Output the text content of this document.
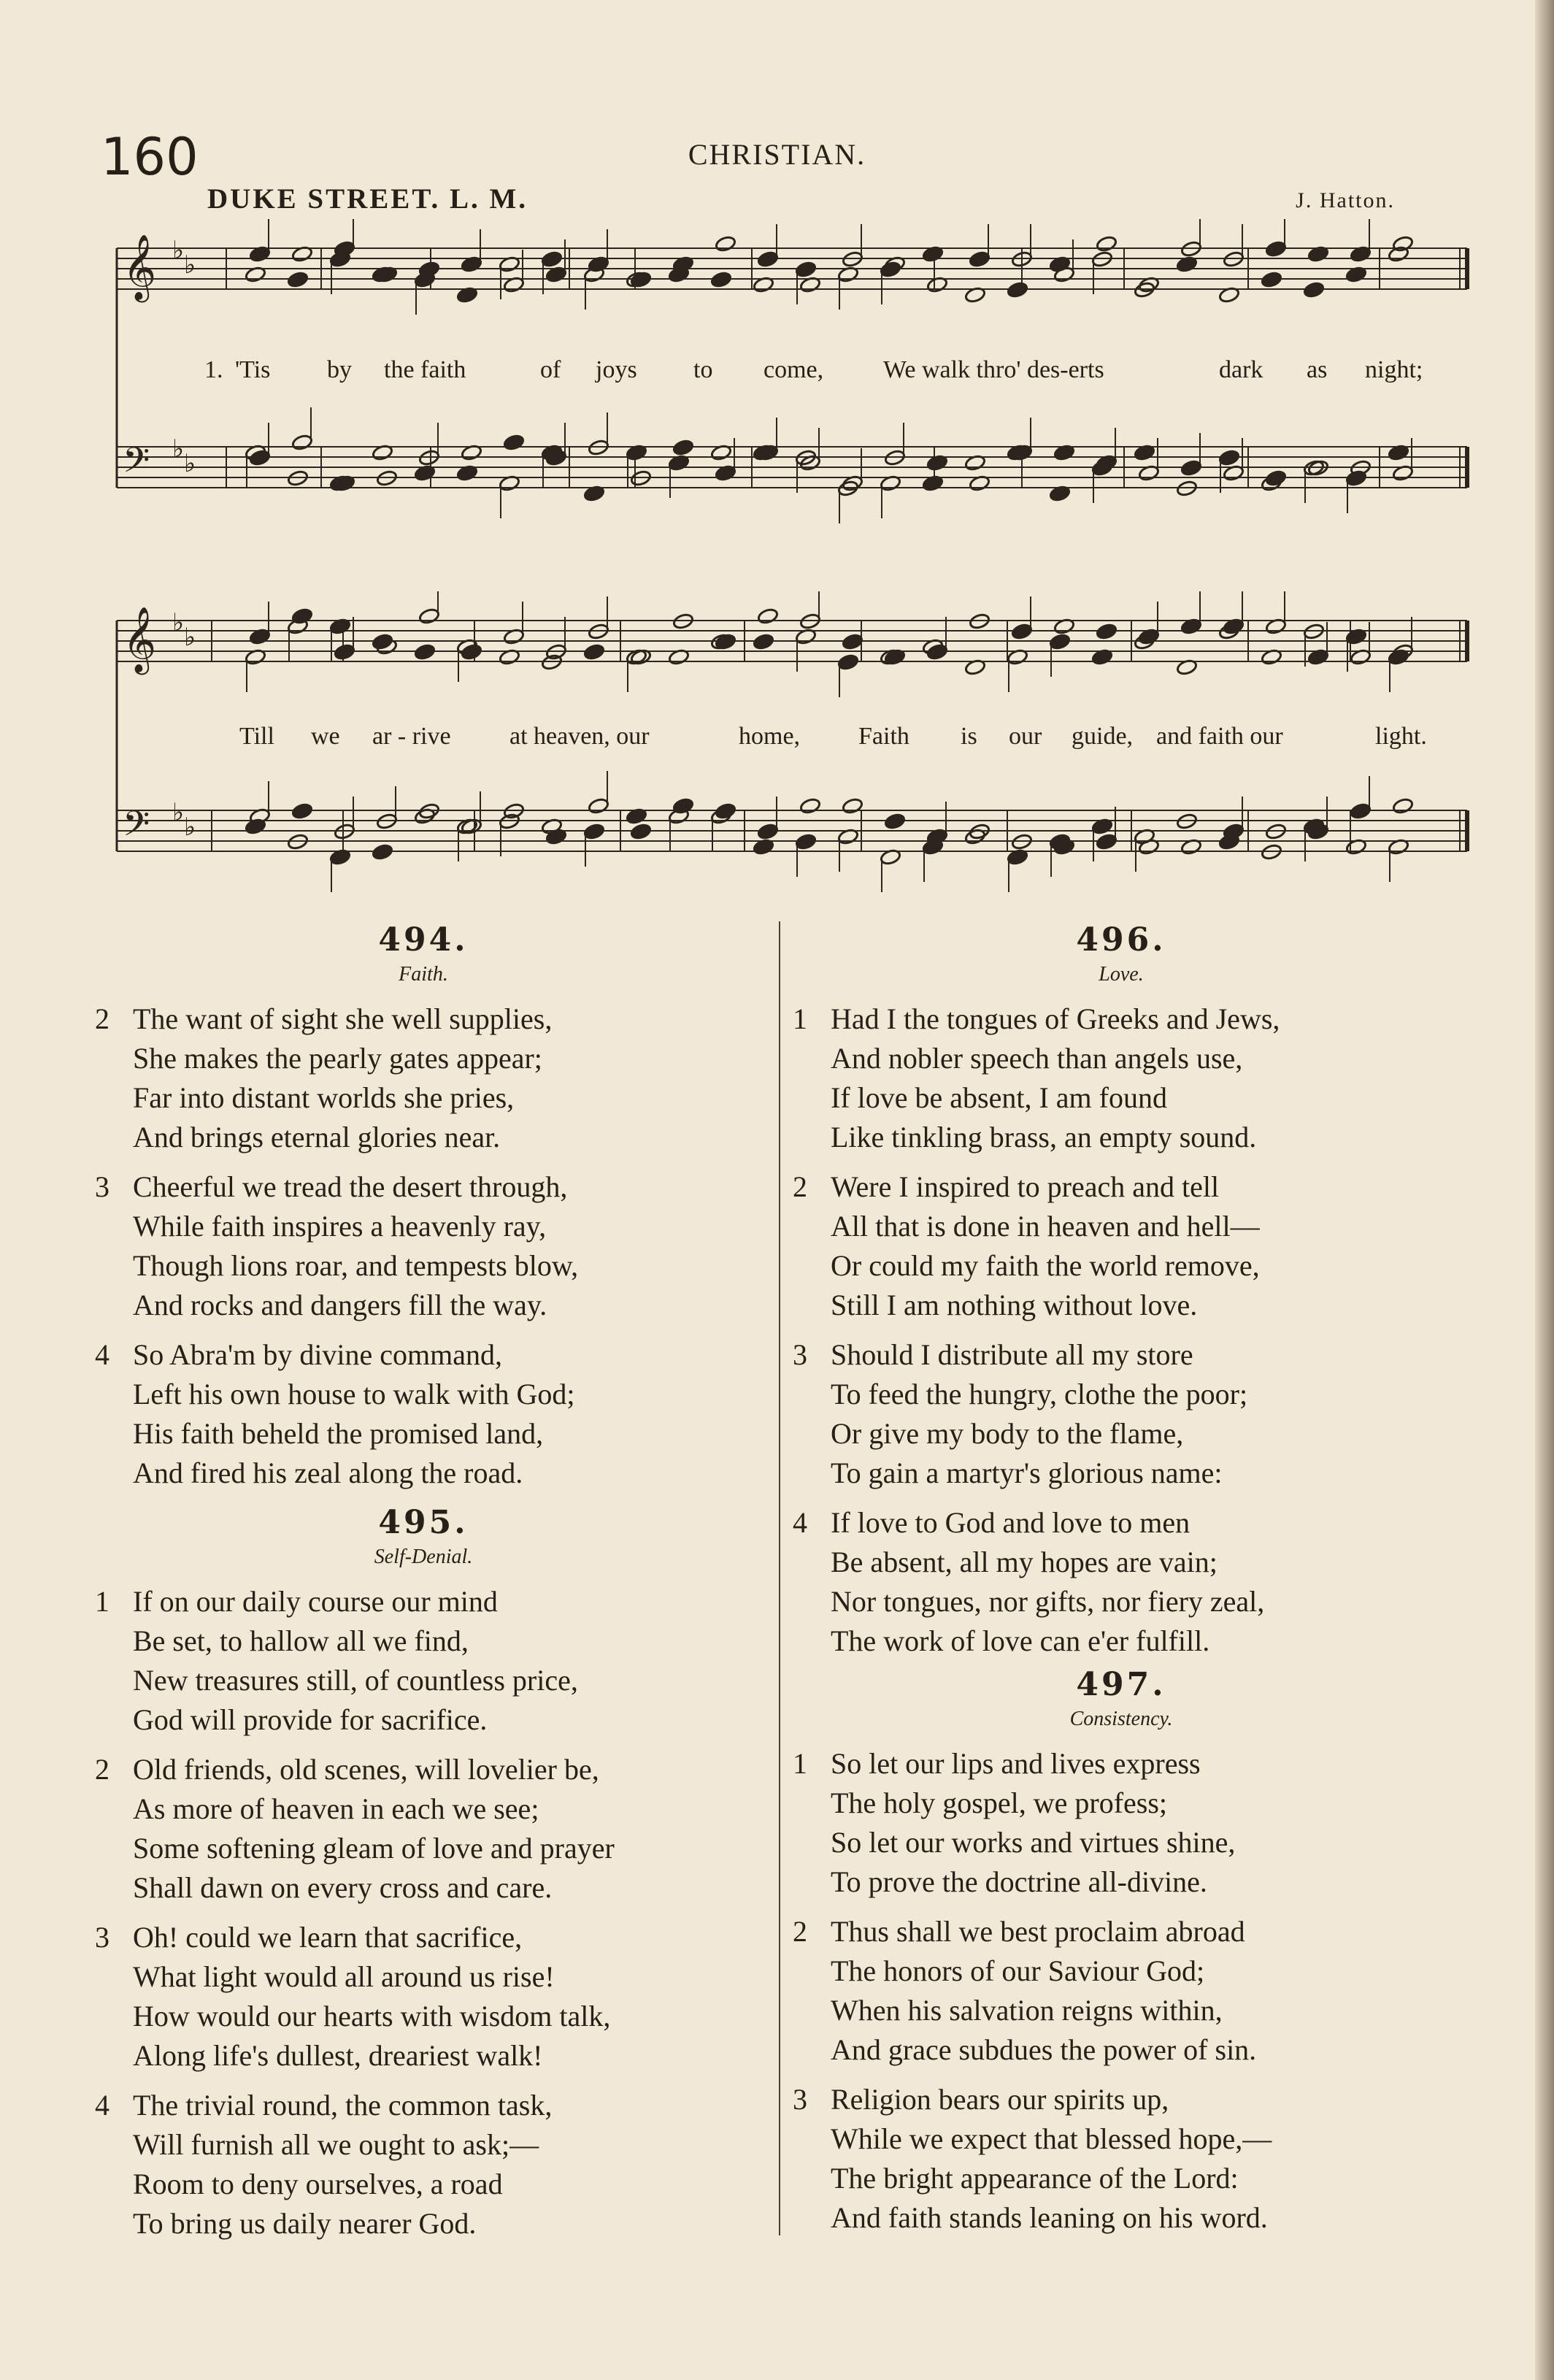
160	CHRISTIAN.
DUKE STREET. L. M.	J. Hatton.
𝄞
𝄢
♭ ♭
♭ ♭

1.

'Tis

by

the faith

	of

joys

to

come,

We walk thro' des-erts

	dark

as

night;

𝄞
𝄢
♭ ♭
♭ ♭

Till

we

ar - rive

at heaven, our

	home,

Faith

is

our

guide,

and faith our

	light.

494.
Faith.
2 The want of sight she well supplies,
She makes the pearly gates appear;
Far into distant worlds she pries,
And brings eternal glories near.
3 Cheerful we tread the desert through,
While faith inspires a heavenly ray,
Though lions roar, and tempests blow,
And rocks and dangers fill the way.
4 So Abra'm by divine command,
Left his own house to walk with God;
His faith beheld the promised land,
And fired his zeal along the road.
495.
Self-Denial.
1 If on our daily course our mind
Be set, to hallow all we find,
New treasures still, of countless price,
God will provide for sacrifice.
2 Old friends, old scenes, will lovelier be,
As more of heaven in each we see;
Some softening gleam of love and prayer
Shall dawn on every cross and care.
3 Oh! could we learn that sacrifice,
What light would all around us rise!
How would our hearts with wisdom talk,
Along life's dullest, dreariest walk!
4 The trivial round, the common task,
Will furnish all we ought to ask;—
Room to deny ourselves, a road
To bring us daily nearer God.
496.
Love.
1 Had I the tongues of Greeks and Jews,
And nobler speech than angels use,
If love be absent, I am found
Like tinkling brass, an empty sound.
2 Were I inspired to preach and tell
All that is done in heaven and hell—
Or could my faith the world remove,
Still I am nothing without love.
3 Should I distribute all my store
To feed the hungry, clothe the poor;
Or give my body to the flame,
To gain a martyr's glorious name:
4 If love to God and love to men
Be absent, all my hopes are vain;
Nor tongues, nor gifts, nor fiery zeal,
The work of love can e'er fulfill.
497.
Consistency.
1 So let our lips and lives express
The holy gospel, we profess;
So let our works and virtues shine,
To prove the doctrine all-divine.
2 Thus shall we best proclaim abroad
The honors of our Saviour God;
When his salvation reigns within,
And grace subdues the power of sin.
3 Religion bears our spirits up,
While we expect that blessed hope,—
The bright appearance of the Lord:
And faith stands leaning on his word.
